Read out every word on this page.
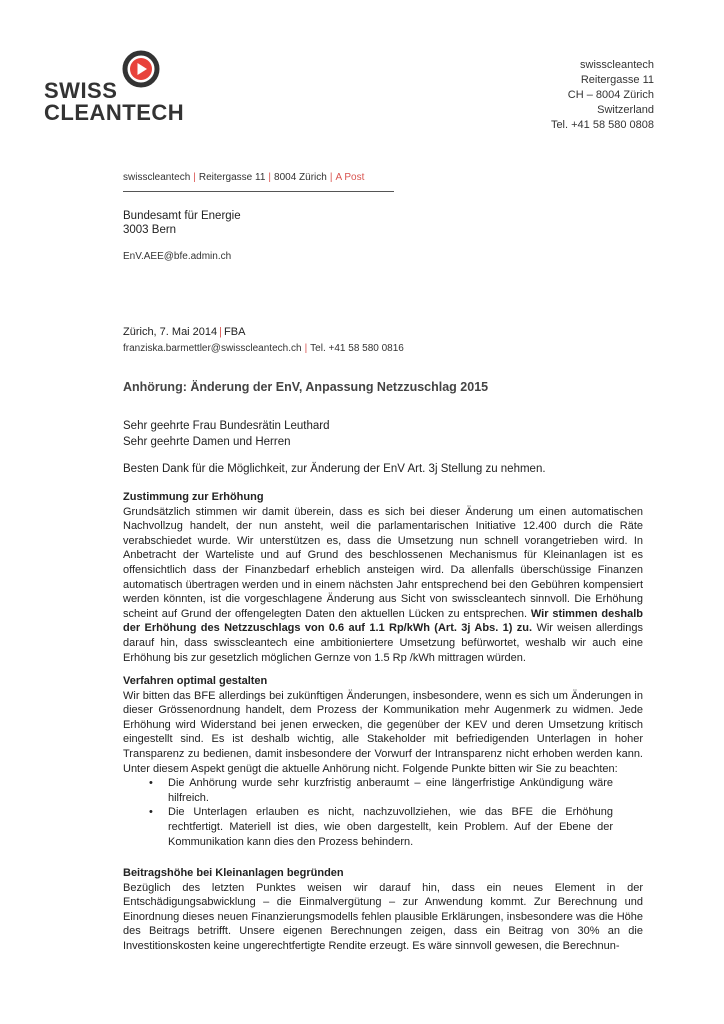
SWISS
CLEANTECH
swisscleantech
Reitergasse 11
CH – 8004 Zürich
Switzerland
Tel. +41 58 580 0808
swisscleantech | Reitergasse 11 | 8004 Zürich | A Post
Bundesamt für Energie
3003 Bern
EnV.AEE@bfe.admin.ch
Zürich, 7. Mai 2014 | FBA
franziska.barmettler@swisscleantech.ch | Tel. +41 58 580 0816
Anhörung: Änderung der EnV, Anpassung Netzzuschlag 2015
Sehr geehrte Frau Bundesrätin Leuthard
Sehr geehrte Damen und Herren
Besten Dank für die Möglichkeit, zur Änderung der EnV Art. 3j Stellung zu nehmen.
Zustimmung zur Erhöhung

Grundsätzlich stimmen wir damit überein, dass es sich bei dieser Änderung um einen automatischen Nachvollzug handelt, der nun ansteht, weil die parlamentarischen Initiative 12.400 durch die Räte verabschiedet wurde. Wir unterstützen es, dass die Umsetzung nun schnell vorangetrieben wird. In Anbetracht der Warteliste und auf Grund des beschlossenen Mechanismus für Kleinanlagen ist es offensichtlich dass der Finanzbedarf erheblich ansteigen wird. Da allenfalls überschüssige Finanzen automatisch übertragen werden und in einem nächsten Jahr entsprechend bei den Gebühren kompensiert werden könnten, ist die vorgeschlagene Änderung aus Sicht von swisscleantech sinnvoll. Die Erhöhung scheint auf Grund der offengelegten Daten den aktuellen Lücken zu entsprechen. Wir stimmen deshalb der Erhöhung des Netzzuschlags von 0.6 auf 1.1 Rp/kWh (Art. 3j Abs. 1) zu. Wir weisen allerdings darauf hin, dass swisscleantech eine ambitioniertere Umsetzung befürwortet, weshalb wir auch eine Erhöhung bis zur gesetzlich möglichen Gernze von 1.5 Rp /kWh mittragen würden.

Verfahren optimal gestalten

Wir bitten das BFE allerdings bei zukünftigen Änderungen, insbesondere, wenn es sich um Änderungen in dieser Grössenordnung handelt, dem Prozess der Kommunikation mehr Augenmerk zu widmen. Jede Erhöhung wird Widerstand bei jenen erwecken, die gegenüber der KEV und deren Umsetzung kritisch eingestellt sind. Es ist deshalb wichtig, alle Stakeholder mit befriedigenden Unterlagen in hoher Transparenz zu bedienen, damit insbesondere der Vorwurf der Intransparenz nicht erhoben werden kann. Unter diesem Aspekt genügt die aktuelle Anhörung nicht. Folgende Punkte bitten wir Sie zu beachten:

• Die Anhörung wurde sehr kurzfristig anberaumt – eine längerfristige Ankündigung wäre hilfreich.
• Die Unterlagen erlauben es nicht, nachzuvollziehen, wie das BFE die Erhöhung rechtfertigt. Materiell ist dies, wie oben dargestellt, kein Problem. Auf der Ebene der Kommunikation kann dies den Prozess behindern.
Beitragshöhe bei Kleinanlagen begründen

Bezüglich des letzten Punktes weisen wir darauf hin, dass ein neues Element in der Entschädigungsabwicklung – die Einmalvergütung – zur Anwendung kommt. Zur Berechnung und Einordnung dieses neuen Finanzierungsmodells fehlen plausible Erklärungen, insbesondere was die Höhe des Beitrags betrifft. Unsere eigenen Berechnungen zeigen, dass ein Beitrag von 30% an die Investitionskosten keine ungerechtfertigte Rendite erzeugt. Es wäre sinnvoll gewesen, die Berechnun-
